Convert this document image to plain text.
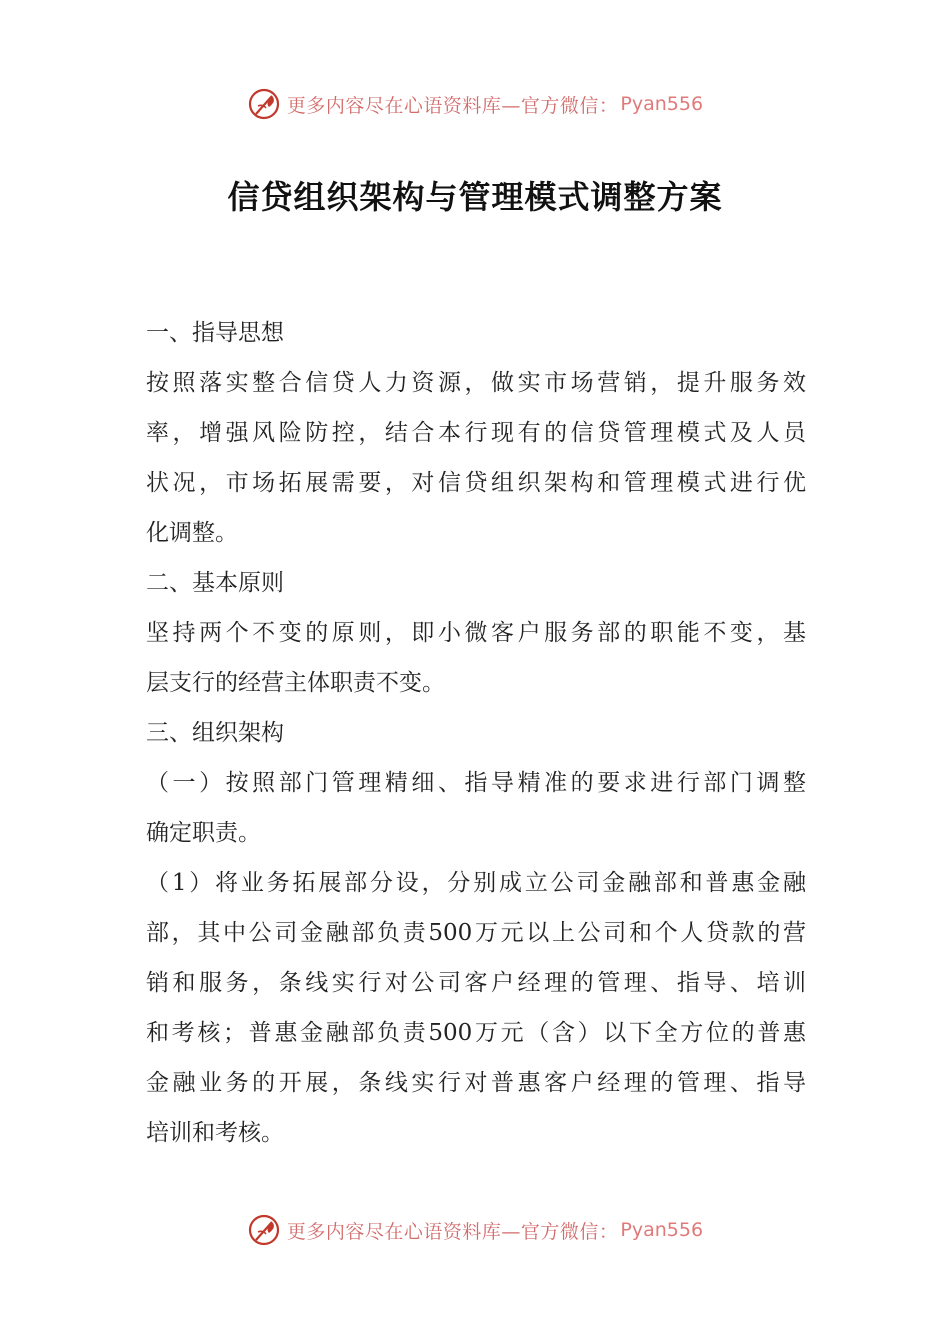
更多内容尽在心语资料库—官方微信： Pyan556
信贷组织架构与管理模式调整方案
一、指导思想
按照落实整合信贷人力资源，做实市场营销，提升服务效
率，增强风险防控，结合本行现有的信贷管理模式及人员
状况，市场拓展需要，对信贷组织架构和管理模式进行优
化调整。
二、基本原则
坚持两个不变的原则，即小微客户服务部的职能不变，基
层支行的经营主体职责不变。
三、组织架构
（一）按照部门管理精细、指导精准的要求进行部门调整
确定职责。
（1）将业务拓展部分设，分别成立公司金融部和普惠金融
部，其中公司金融部负责500万元以上公司和个人贷款的营
销和服务，条线实行对公司客户经理的管理、指导、培训
和考核；普惠金融部负责500万元（含）以下全方位的普惠
金融业务的开展，条线实行对普惠客户经理的管理、指导
培训和考核。
更多内容尽在心语资料库—官方微信： Pyan556
